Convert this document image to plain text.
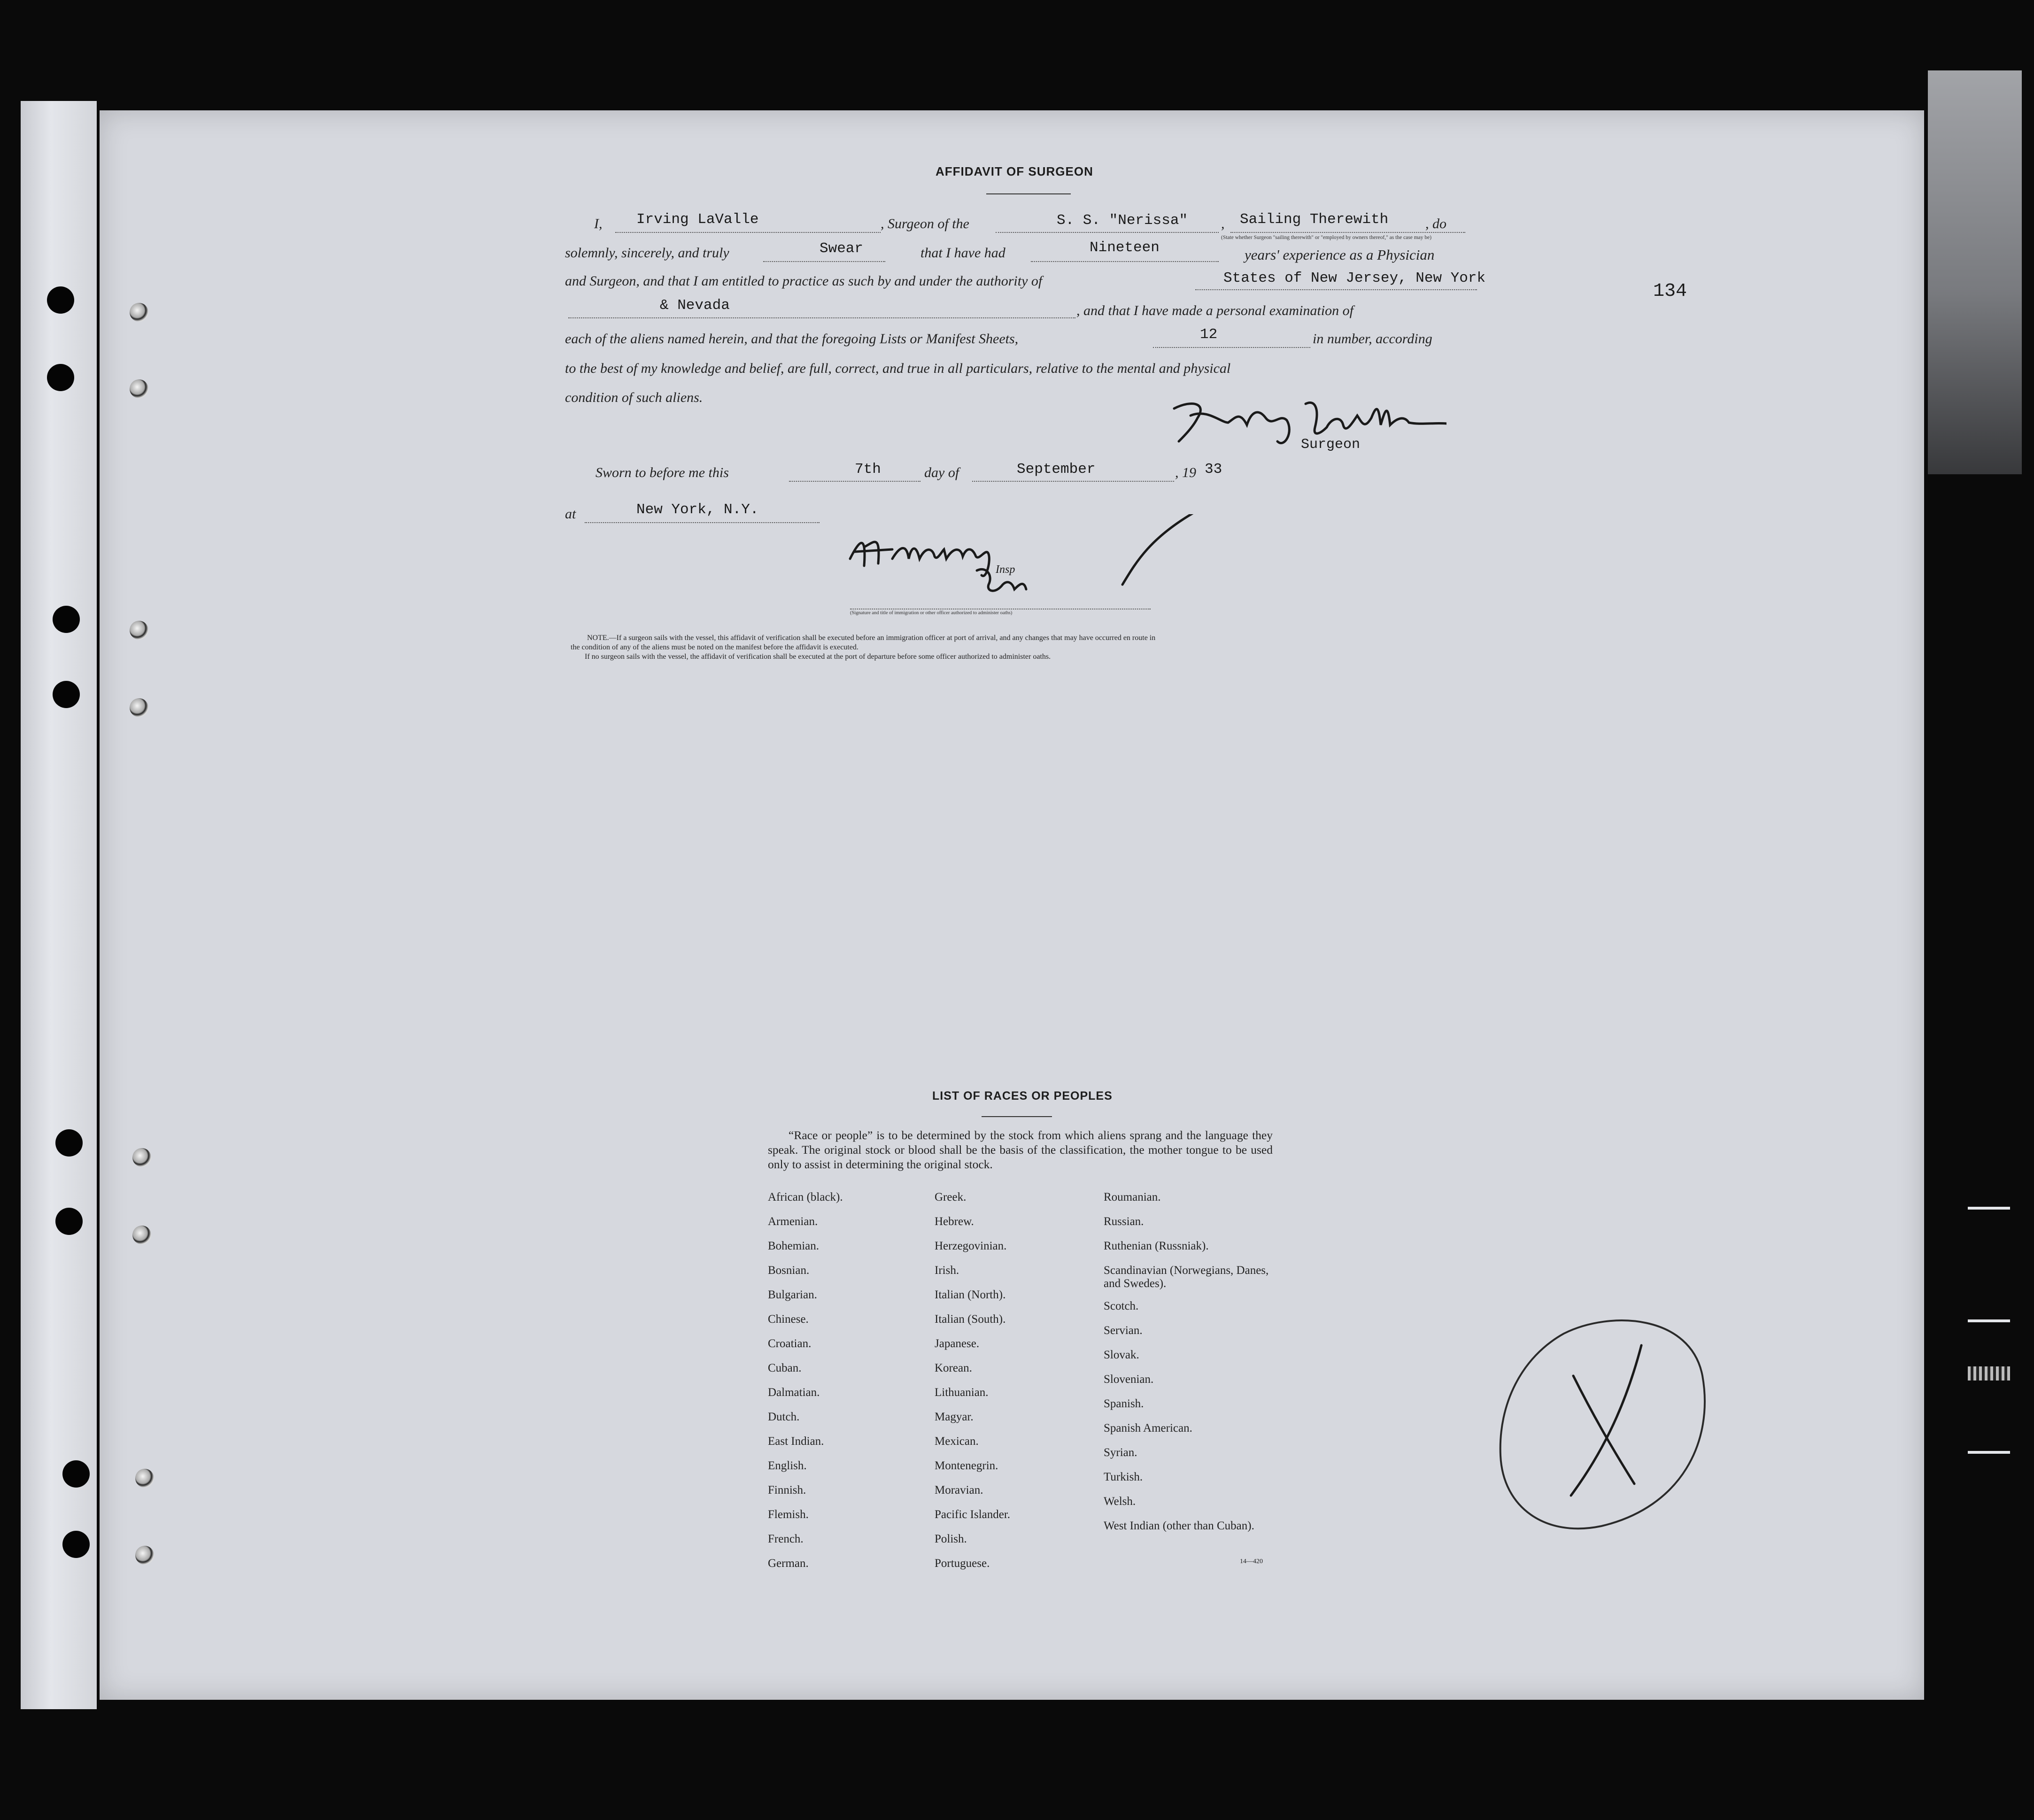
134
AFFIDAVIT OF SURGEON
I, Irving LaValle	, Surgeon of the	S. S. "Nerissa" , Sailing Therewith	, do
(State whether Surgeon "sailing therewith" or "employed by owners thereof," as the case may be)
solemnly, sincerely, and truly	Swear	that I have had	Nineteen
and Surgeon, and that I am entitled to practice as such by and under the authority of
years' experience as a Physician
States of New Jersey, New York
& Nevada	, and that I have made a personal examination of
each of the aliens named herein, and that the foregoing Lists or Manifest Sheets,	12	in number, according
to the best of my knowledge and belief, are full, correct, and true in all particulars, relative to the mental and physical
condition of such aliens.
Surgeon
Sworn to before me this	7th	day of	September	, 19 33
at	New York, N.Y.
Insp
(Signature and title of immigration or other officer authorized to administer oaths)
NOTE.—If a surgeon sails with the vessel, this affidavit of verification shall be executed before an immigration officer at port of arrival, and any changes that may have occurred en route in
the condition of any of the aliens must be noted on the manifest before the affidavit is executed.
If no surgeon sails with the vessel, the affidavit of verification shall be executed at the port of departure before some officer authorized to administer oaths.
LIST OF RACES OR PEOPLES
“Race or people” is to be determined by the stock from which aliens sprang and the language they speak. The original stock or blood shall be the basis of the classification, the mother tongue to be used only to assist in determining the original stock.
African (black).
Armenian.
Bohemian.
Bosnian.
Bulgarian.
Chinese.
Croatian.
Cuban.
Dalmatian.
Dutch.
East Indian.
English.
Finnish.
Flemish.
French.
German.
Greek.
Hebrew.
Herzegovinian.
Irish.
Italian (North).
Italian (South).
Japanese.
Korean.
Lithuanian.
Magyar.
Mexican.
Montenegrin.
Moravian.
Pacific Islander.
Polish.
Portuguese.
Roumanian.
Russian.
Ruthenian (Russniak).
Scandinavian (Norwegians, Danes, and Swedes).
Scotch.
Servian.
Slovak.
Slovenian.
Spanish.
Spanish American.
Syrian.
Turkish.
Welsh.
West Indian (other than Cuban).
14—420
